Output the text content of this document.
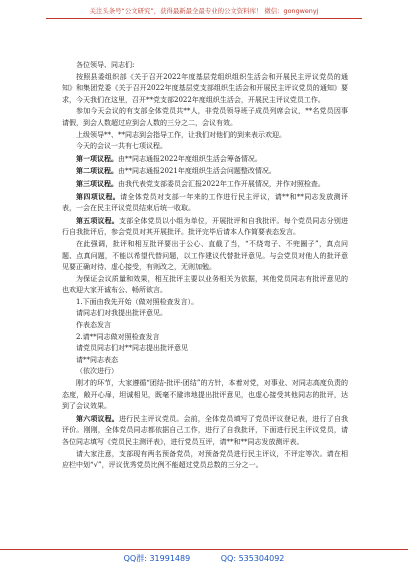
关注头条号“公文研究”，获得最新最全最专业的公文资料库！ 微信：gongwenyj

各位领导、同志们:

按照县委组织部《关于召开2022年度基层党组织组织生活会和开展民主评议党员的通知》和集团党委《关于召开2022年度基层党支部组织生活会和开展民主评议党员的通知》要求，今天我们在这里，召开**党支部2022年度组织生活会，开展民主评议党员工作。

参加今天会议的有支部全体党员共**人，非党员领导班子成员列席会议，**名党员因事请假，到会人数超过应到会人数的三分之二，会议有效。

上级领导**、**同志到会指导工作，让我们对他们的到来表示欢迎。

今天的会议一共有七项议程。

第一项议程。由**同志通报2022年度组织生活会筹备情况。

第二项议程。由**同志通报2021年度组织生活会问题整改情况。

第三项议程。由我代表党支部委员会汇报2022年工作开展情况，并作对照检查。

第四项议程。请全体党员对支部一年来的工作进行民主评议，请**和**同志发放测评表，一会在民主评议党员结束后统一收取。

第五项议程。支部全体党员以小组为单位，开展批评和自我批评。每个党员同志分别进行自我批评后，参会党员对其开展批评。批评完毕后请本人作简要表态发言。

在此强调，批评和相互批评要出于公心、直截了当，“不绕弯子、不兜圈子”，真点问题、点真问题，不能以希望代替问题，以工作建议代替批评意见。与会党员对他人的批评意见要正确对待、虚心接受，有则改之，无则加勉。

为保证会议质量和效果，相互批评主要以业务相关为依据，其他党员同志有批评意见的也欢迎大家开诚布公、畅所欲言。

1.下面由我先开始（做对照检查发言）。

请同志们对我提出批评意见。

作表态发言

2.请**同志做对照检查发言

请党员同志们对**同志提出批评意见

请**同志表态

（依次进行）

刚才的环节，大家遵循“团结-批评-团结”的方针，本着对党，对事业、对同志高度负责的态度，敞开心扉，坦诚相见，既毫不避讳地提出批评意见，也虚心接受其他同志的批评，达到了会议效果。

第六项议程。进行民主评议党员。会前，全体党员填写了党员评议登记表，进行了自我评价。刚刚，全体党员同志都依据自己工作，进行了自我批评，下面进行民主评议党员，请各位同志填写《党员民主测评表》，进行党员互评，请**和**同志发放测评表。

请大家注意，支部现有两名预备党员，对预备党员进行民主评议，不评定等次。请在相应栏中划“√”，评议优秀党员比例不能超过党员总数的三分之一。

QQ群: 31991489	QQ: 535304092
